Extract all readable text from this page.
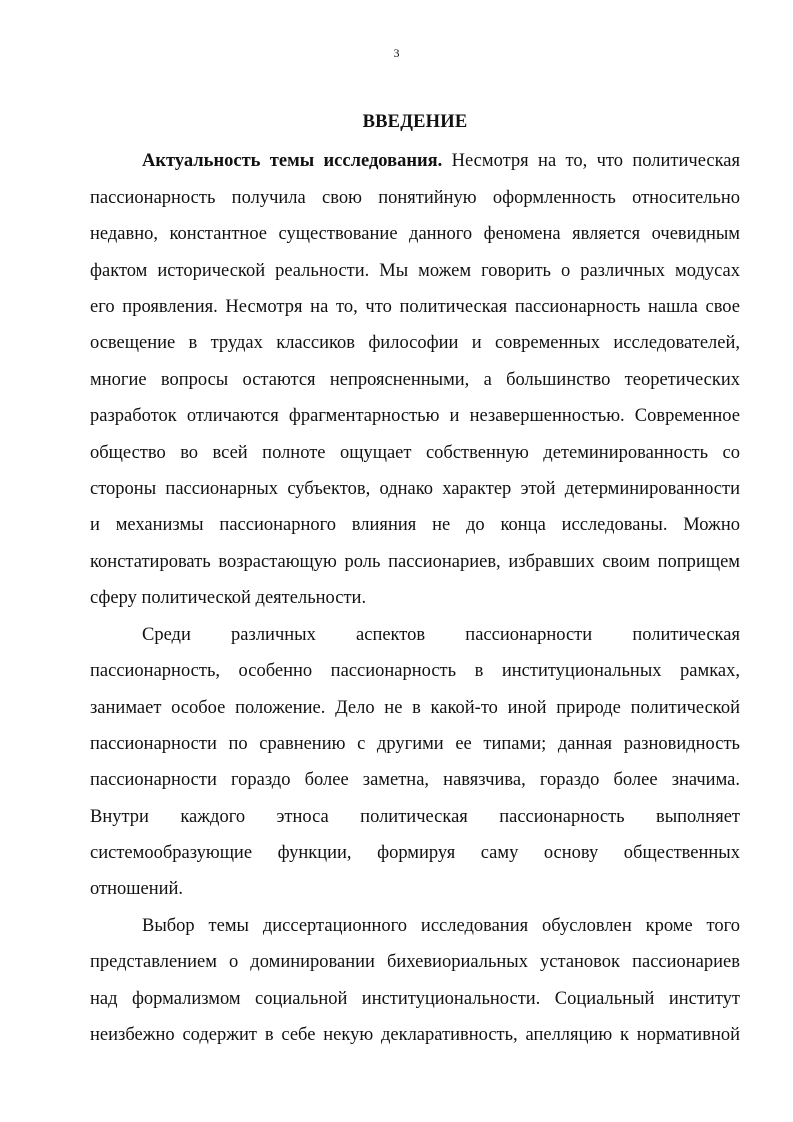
3
ВВЕДЕНИЕ
Актуальность темы исследования. Несмотря на то, что политическая
пассионарность получила свою понятийную оформленность относительно
недавно, константное существование данного феномена является очевидным
фактом исторической реальности. Мы можем говорить о различных модусах
его проявления. Несмотря на то, что политическая пассионарность нашла свое
освещение в трудах классиков философии и современных исследователей,
многие вопросы остаются непроясненными, а большинство теоретических
разработок отличаются фрагментарностью и незавершенностью. Современное
общество во всей полноте ощущает собственную детеминированность со
стороны пассионарных субъектов, однако характер этой детерминированности
и механизмы пассионарного влияния не до конца исследованы. Можно
констатировать возрастающую роль пассионариев, избравших своим поприщем
сферу политической деятельности.
Среди различных аспектов пассионарности политическая
пассионарность, особенно пассионарность в институциональных рамках,
занимает особое положение. Дело не в какой-то иной природе политической
пассионарности по сравнению с другими ее типами; данная разновидность
пассионарности гораздо более заметна, навязчива, гораздо более значима.
Внутри каждого этноса политическая пассионарность выполняет
системообразующие функции, формируя саму основу общественных
отношений.
Выбор темы диссертационного исследования обусловлен кроме того
представлением о доминировании бихевиориальных установок пассионариев
над формализмом социальной институциональности. Социальный институт
неизбежно содержит в себе некую декларативность, апелляцию к нормативной
